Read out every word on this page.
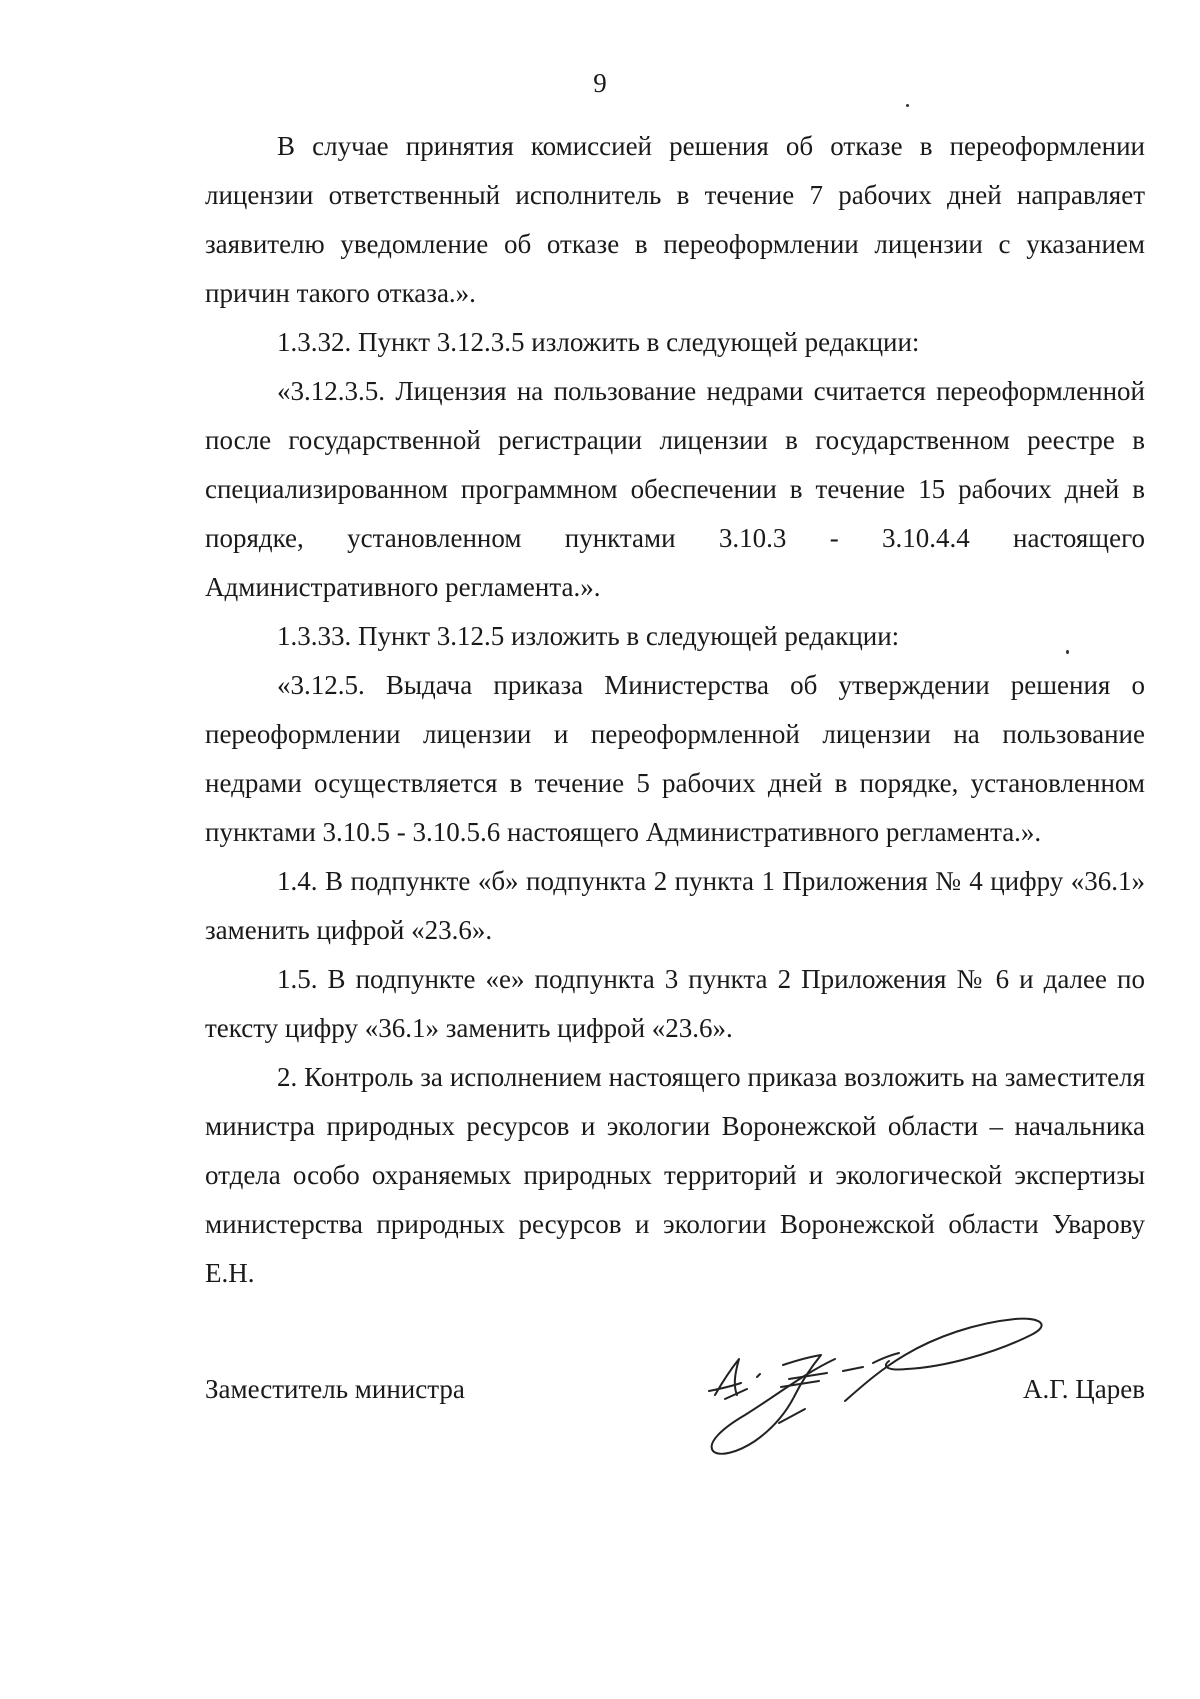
9

В случае принятия комиссией решения об отказе в переоформлении лицензии ответственный исполнитель в течение 7 рабочих дней направляет заявителю уведомление об отказе в переоформлении лицензии с указанием причин такого отказа.».

1.3.32. Пункт 3.12.3.5 изложить в следующей редакции:

«3.12.3.5. Лицензия на пользование недрами считается переоформленной после государственной регистрации лицензии в государственном реестре в специализированном программном обеспечении в течение 15 рабочих дней в порядке, установленном пунктами 3.10.3 - 3.10.4.4 настоящего Административного регламента.».

1.3.33. Пункт 3.12.5 изложить в следующей редакции:

«3.12.5. Выдача приказа Министерства об утверждении решения о переоформлении лицензии и переоформленной лицензии на пользование недрами осуществляется в течение 5 рабочих дней в порядке, установленном пунктами 3.10.5 - 3.10.5.6 настоящего Административного регламента.».

1.4. В подпункте «б» подпункта 2 пункта 1 Приложения № 4 цифру «36.1» заменить цифрой «23.6».

1.5. В подпункте «е» подпункта 3 пункта 2 Приложения № 6 и далее по тексту цифру «36.1» заменить цифрой «23.6».

2. Контроль за исполнением настоящего приказа возложить на заместителя министра природных ресурсов и экологии Воронежской области – начальника отдела особо охраняемых природных территорий и экологической экспертизы министерства природных ресурсов и экологии Воронежской области Уварову Е.Н.

Заместитель министра	А.Г. Царев
